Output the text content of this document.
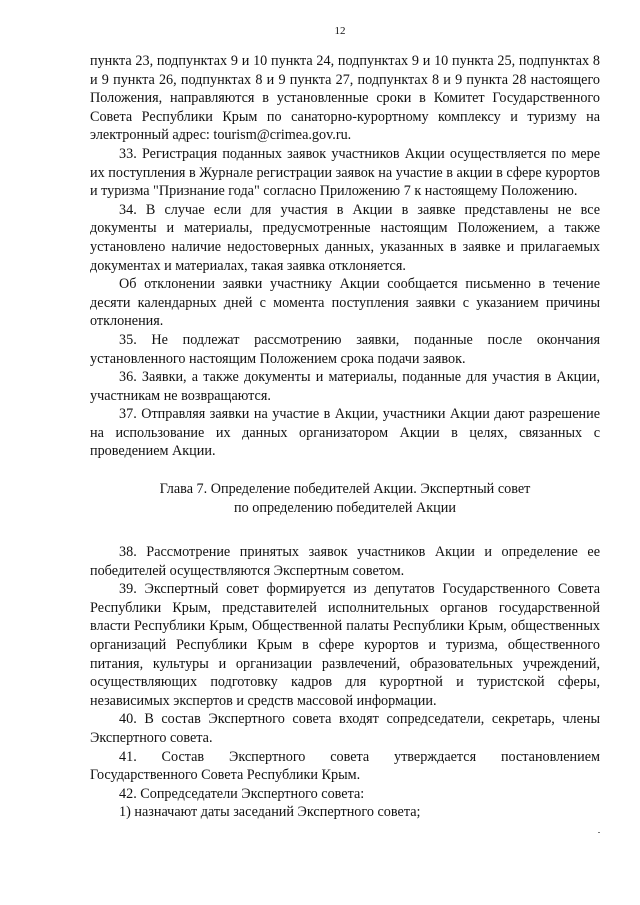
12

пункта 23, подпунктах 9 и 10 пункта 24, подпунктах 9 и 10 пункта 25, подпунктах 8 и 9 пункта 26, подпунктах 8 и 9 пункта 27, подпунктах 8 и 9 пункта 28 настоящего Положения, направляются в установленные сроки в Комитет Государственного Совета Республики Крым по санаторно-курортному комплексу и туризму на электронный адрес: tourism@crimea.gov.ru.

33. Регистрация поданных заявок участников Акции осуществляется по мере их поступления в Журнале регистрации заявок на участие в акции в сфере курортов и туризма "Признание года" согласно Приложению 7 к настоящему Положению.

34. В случае если для участия в Акции в заявке представлены не все документы и материалы, предусмотренные настоящим Положением, а также установлено наличие недостоверных данных, указанных в заявке и прилагаемых документах и материалах, такая заявка отклоняется.

Об отклонении заявки участнику Акции сообщается письменно в течение десяти календарных дней с момента поступления заявки с указанием причины отклонения.

35. Не подлежат рассмотрению заявки, поданные после окончания установленного настоящим Положением срока подачи заявок.

36. Заявки, а также документы и материалы, поданные для участия в Акции, участникам не возвращаются.

37. Отправляя заявки на участие в Акции, участники Акции дают разрешение на использование их данных организатором Акции в целях, связанных с проведением Акции.

Глава 7. Определение победителей Акции. Экспертный совет
по определению победителей Акции

38. Рассмотрение принятых заявок участников Акции и определение ее победителей осуществляются Экспертным советом.

39. Экспертный совет формируется из депутатов Государственного Совета Республики Крым, представителей исполнительных органов государственной власти Республики Крым, Общественной палаты Республики Крым, общественных организаций Республики Крым в сфере курортов и туризма, общественного питания, культуры и организации развлечений, образовательных учреждений, осуществляющих подготовку кадров для курортной и туристской сферы, независимых экспертов и средств массовой информации.

40. В состав Экспертного совета входят сопредседатели, секретарь, члены Экспертного совета.

41. Состав Экспертного совета утверждается постановлением Государственного Совета Республики Крым.

42. Сопредседатели Экспертного совета:

1) назначают даты заседаний Экспертного совета;
